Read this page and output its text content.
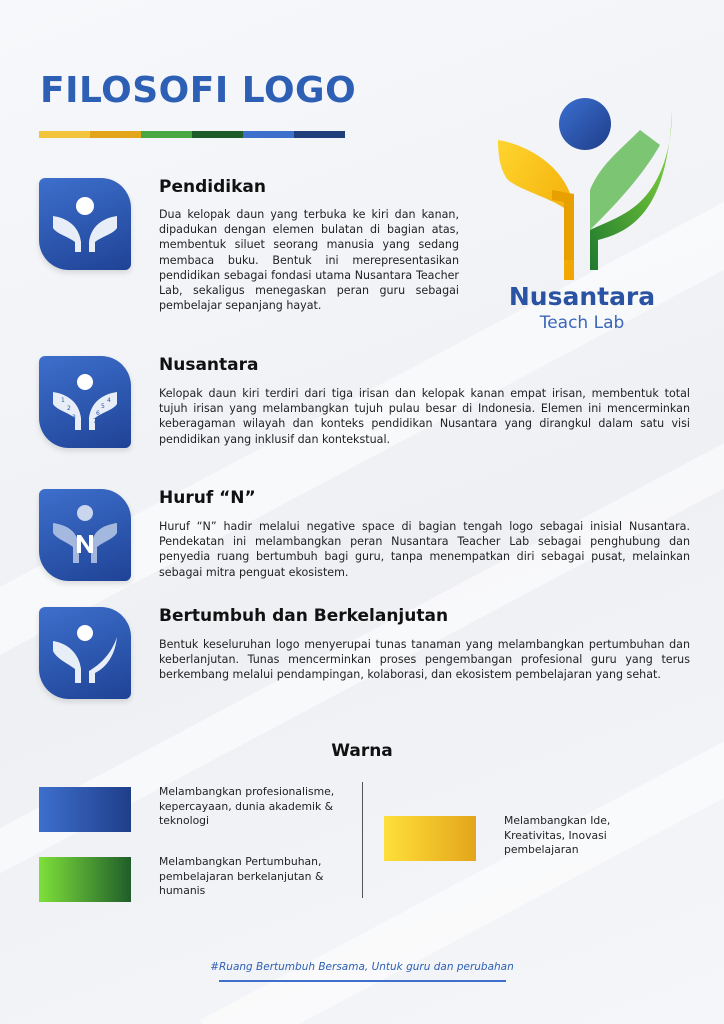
FILOSOFI LOGO
Nusantara
Teach Lab
Pendidikan
Dua kelopak daun yang terbuka ke kiri dan kanan, dipadukan dengan elemen bulatan di bagian atas, membentuk siluet seorang manusia yang sedang membaca buku. Bentuk ini merepresentasikan pendidikan sebagai fondasi utama Nusantara Teacher Lab, sekaligus menegaskan peran guru sebagai pembelajar sepanjang hayat.
1
2
3
4
5
6
7
Nusantara
Kelopak daun kiri terdiri dari tiga irisan dan kelopak kanan empat irisan, membentuk total tujuh irisan yang melambangkan tujuh pulau besar di Indonesia. Elemen ini mencerminkan keberagaman wilayah dan konteks pendidikan Nusantara yang dirangkul dalam satu visi pendidikan yang inklusif dan kontekstual.
Huruf “N”
Huruf “N” hadir melalui negative space di bagian tengah logo sebagai inisial Nusantara. Pendekatan ini melambangkan peran Nusantara Teacher Lab sebagai penghubung dan penyedia ruang bertumbuh bagi guru, tanpa menempatkan diri sebagai pusat, melainkan sebagai mitra penguat ekosistem.
Bertumbuh dan Berkelanjutan
Bentuk keseluruhan logo menyerupai tunas tanaman yang melambangkan pertumbuhan dan keberlanjutan. Tunas mencerminkan proses pengembangan profesional guru yang terus berkembang melalui pendampingan, kolaborasi, dan ekosistem pembelajaran yang sehat.
Warna
Melambangkan profesionalisme, kepercayaan, dunia akademik & teknologi
Melambangkan Pertumbuhan, pembelajaran berkelanjutan & humanis
Melambangkan Ide, Kreativitas, Inovasi pembelajaran
#Ruang Bertumbuh Bersama, Untuk guru dan perubahan
